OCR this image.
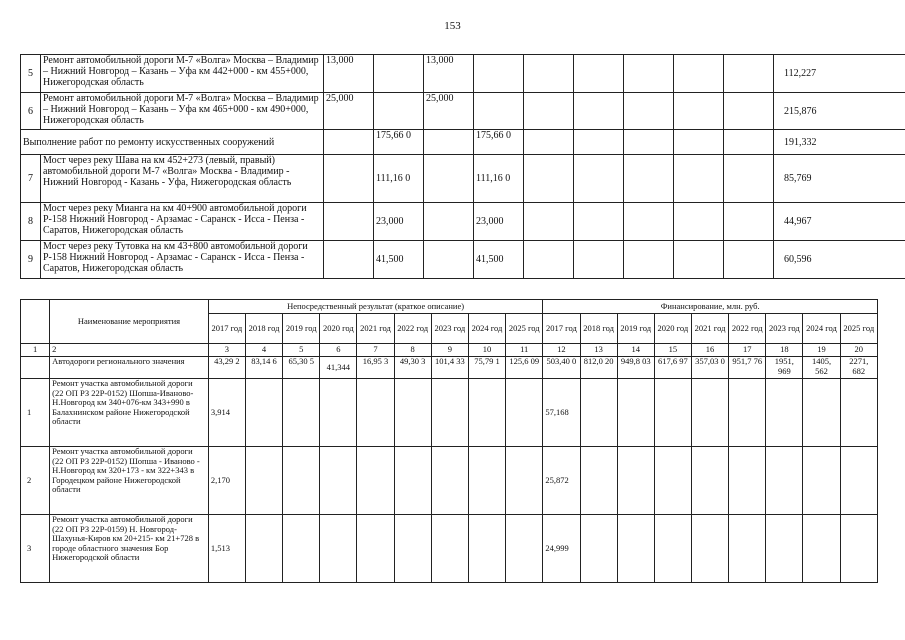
153
5	Ремонт автомобильной дороги М-7 «Волга» Москва – Владимир – Нижний Новгород – Казань – Уфа км 442+000 - км 455+000, Нижегородская область	13,000		13,000							112,227
6	Ремонт автомобильной дороги М-7 «Волга» Москва – Владимир – Нижний Новгород – Казань – Уфа км 465+000 - км 490+000, Нижегородская область	25,000		25,000							215,876
Выполнение работ по ремонту искусственных сооружений			175,66 0		175,66 0						191,332
7	Мост через реку Шава на км 452+273 (левый, правый) автомобильной дороги М-7 «Волга» Москва - Владимир - Нижний Новгород - Казань - Уфа, Нижегородская область		111,16 0		111,16 0						85,769
8	Мост через реку Мианга на км 40+900 автомобильной дороги Р-158 Нижний Новгород - Арзамас - Саранск - Исса - Пенза - Саратов, Нижегородская область		23,000		23,000						44,967
9	Мост через реку Тутовка на км 43+800 автомобильной дороги Р-158 Нижний Новгород - Арзамас - Саранск - Исса - Пенза - Саратов, Нижегородская область		41,500		41,500						60,596
	Наименование мероприятия	Непосредственный результат (краткое описание)									Финансирование, млн. руб.								
		2017 год	2018 год	2019 год	2020 год	2021 год	2022 год	2023 год	2024 год	2025 год	2017 год	2018 год	2019 год	2020 год	2021 год	2022 год	2023 год	2024 год	2025 год
1	2	3	4	5	6	7	8	9	10	11	12	13	14	15	16	17	18	19	20
	Автодороги регионального значения	43,29 2	83,14 6	65,30 5	41,344	16,95 3	49,30 3	101,4 33	75,79 1	125,6 09	503,40 0	812,0 20	949,8 03	617,6 97	357,03 0	951,7 76	1951, 969	1405, 562	2271, 682
1	Ремонт участка автомобильной дороги (22 ОП РЗ 22Р-0152) Шопша-Иваново-Н.Новгород км 340+076-км 343+990 в Балахнинском районе Нижегородской области	3,914									57,168								
2	Ремонт участка автомобильной дороги (22 ОП РЗ 22Р-0152) Шопша - Иваново - Н.Новгород км 320+173 - км 322+343 в Городецком районе Нижегородской области	2,170									25,872								
3	Ремонт участка автомобильной дороги (22 ОП РЗ 22Р-0159) Н. Новгород-Шахунья-Киров км 20+215- км 21+728 в городе областного значения Бор Нижегородской области	1,513									24,999								
